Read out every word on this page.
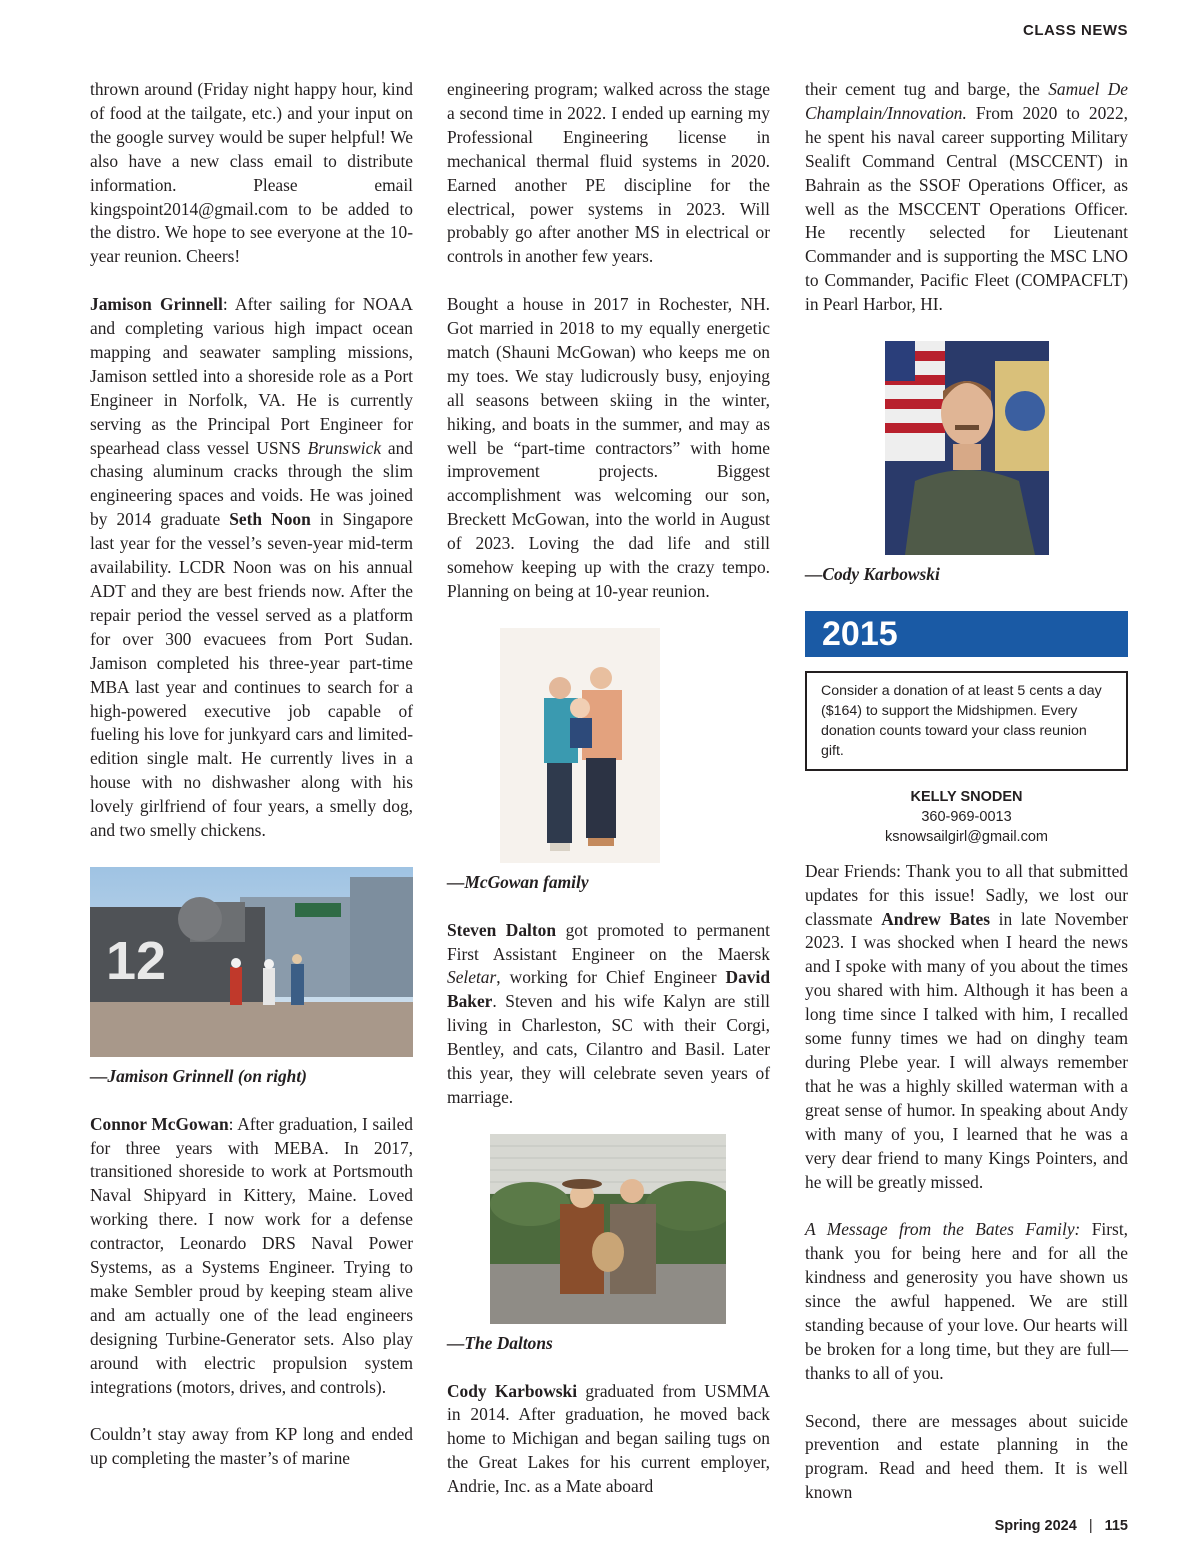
CLASS NEWS

thrown around (Friday night happy hour, kind of food at the tailgate, etc.) and your input on the google survey would be super helpful! We also have a new class email to distribute information. Please email kingspoint2014@gmail.com to be added to the distro. We hope to see everyone at the 10-year reunion. Cheers!

Jamison Grinnell: After sailing for NOAA and completing various high impact ocean mapping and seawater sampling missions, Jamison settled into a shoreside role as a Port Engineer in Norfolk, VA. He is currently serving as the Principal Port Engineer for spearhead class vessel USNS Brunswick and chasing aluminum cracks through the slim engineering spaces and voids. He was joined by 2014 graduate Seth Noon in Singapore last year for the vessel’s seven-year mid-term availability. LCDR Noon was on his annual ADT and they are best friends now. After the repair period the vessel served as a platform for over 300 evacuees from Port Sudan. Jamison completed his three-year part-time MBA last year and continues to search for a high-powered executive job capable of fueling his love for junkyard cars and limited-edition single malt. He currently lives in a house with no dishwasher along with his lovely girlfriend of four years, a smelly dog, and two smelly chickens.

12

—Jamison Grinnell (on right)

Connor McGowan: After graduation, I sailed for three years with MEBA. In 2017, transitioned shoreside to work at Portsmouth Naval Shipyard in Kittery, Maine. Loved working there. I now work for a defense contractor, Leonardo DRS Naval Power Systems, as a Systems Engineer. Trying to make Sembler proud by keeping steam alive and am actually one of the lead engineers designing Turbine-Generator sets. Also play around with electric propulsion system integrations (motors, drives, and controls).

Couldn’t stay away from KP long and ended up completing the master’s of marine

engineering program; walked across the stage a second time in 2022. I ended up earning my Professional Engineering license in mechanical thermal fluid systems in 2020. Earned another PE discipline for the electrical, power systems in 2023. Will probably go after another MS in electrical or controls in another few years.

Bought a house in 2017 in Rochester, NH. Got married in 2018 to my equally energetic match (Shauni McGowan) who keeps me on my toes. We stay ludicrously busy, enjoying all seasons between skiing in the winter, hiking, and boats in the summer, and may as well be “part-time contractors” with home improvement projects. Biggest accomplishment was welcoming our son, Breckett McGowan, into the world in August of 2023. Loving the dad life and still somehow keeping up with the crazy tempo. Planning on being at 10-year reunion.

—McGowan family

Steven Dalton got promoted to permanent First Assistant Engineer on the Maersk Seletar, working for Chief Engineer David Baker. Steven and his wife Kalyn are still living in Charleston, SC with their Corgi, Bentley, and cats, Cilantro and Basil. Later this year, they will celebrate seven years of marriage.

—The Daltons

Cody Karbowski graduated from USMMA in 2014. After graduation, he moved back home to Michigan and began sailing tugs on the Great Lakes for his current employer, Andrie, Inc. as a Mate aboard

their cement tug and barge, the Samuel De Champlain/Innovation. From 2020 to 2022, he spent his naval career supporting Military Sealift Command Central (MSCCENT) in Bahrain as the SSOF Operations Officer, as well as the MSCCENT Operations Officer. He recently selected for Lieutenant Commander and is supporting the MSC LNO to Commander, Pacific Fleet (COMPACFLT) in Pearl Harbor, HI.

—Cody Karbowski

2015
Consider a donation of at least 5 cents a day ($164) to support the Midshipmen. Every donation counts toward your class reunion gift.
KELLY SNODEN
360-969-0013
ksnowsailgirl@gmail.com

Dear Friends: Thank you to all that submitted updates for this issue! Sadly, we lost our classmate Andrew Bates in late November 2023. I was shocked when I heard the news and I spoke with many of you about the times you shared with him. Although it has been a long time since I talked with him, I recalled some funny times we had on dinghy team during Plebe year. I will always remember that he was a highly skilled waterman with a great sense of humor. In speaking about Andy with many of you, I learned that he was a very dear friend to many Kings Pointers, and he will be greatly missed.

A Message from the Bates Family: First, thank you for being here and for all the kindness and generosity you have shown us since the awful happened. We are still standing because of your love. Our hearts will be broken for a long time, but they are full—thanks to all of you.

Second, there are messages about suicide prevention and estate planning in the program. Read and heed them. It is well known

Spring 2024 | 115
